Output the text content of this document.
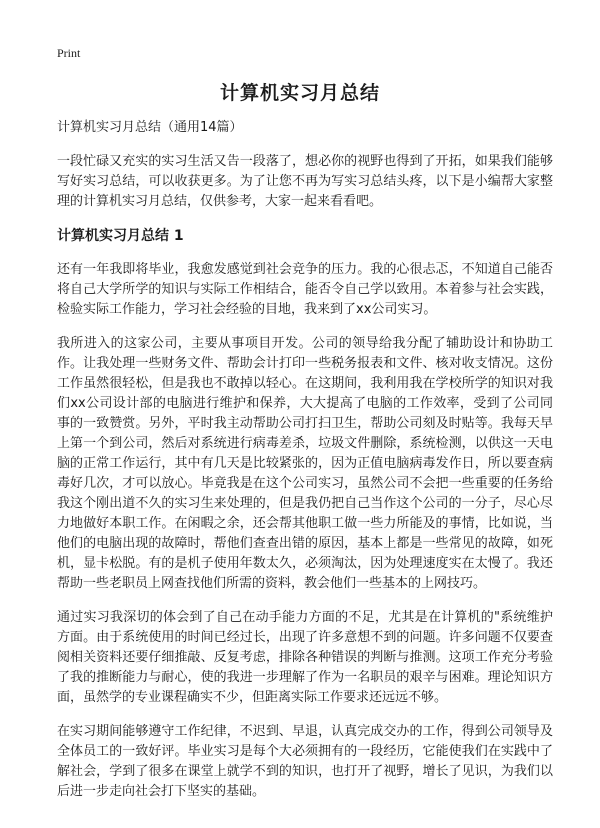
Print
计算机实习月总结

计算机实习月总结（通用14篇）

一段忙碌又充实的实习生活又告一段落了，想必你的视野也得到了开拓，如果我们能够写好实习总结，可以收获更多。为了让您不再为写实习总结头疼，以下是小编帮大家整理的计算机实习月总结，仅供参考，大家一起来看看吧。

计算机实习月总结 1

还有一年我即将毕业，我愈发感觉到社会竞争的压力。我的心很忐忑，不知道自己能否将自己大学所学的知识与实际工作相结合，能否令自己学以致用。本着参与社会实践，检验实际工作能力，学习社会经验的目地，我来到了xx公司实习。

我所进入的这家公司，主要从事项目开发。公司的领导给我分配了辅助设计和协助工作。让我处理一些财务文件、帮助会计打印一些税务报表和文件、核对收支情况。这份工作虽然很轻松，但是我也不敢掉以轻心。在这期间，我利用我在学校所学的知识对我们xx公司设计部的电脑进行维护和保养，大大提高了电脑的工作效率，受到了公司同事的一致赞赏。另外，平时我主动帮助公司打扫卫生，帮助公司刻及时贴等。我每天早上第一个到公司，然后对系统进行病毒差杀，垃圾文件删除，系统检测，以供这一天电脑的正常工作运行，其中有几天是比较紧张的，因为正值电脑病毒发作日，所以要查病毒好几次，才可以放心。毕竟我是在这个公司实习，虽然公司不会把一些重要的任务给我这个刚出道不久的实习生来处理的，但是我仍把自己当作这个公司的一分子，尽心尽力地做好本职工作。在闲暇之余，还会帮其他职工做一些力所能及的事情，比如说，当他们的电脑出现的故障时，帮他们查查出错的原因，基本上都是一些常见的故障，如死机，显卡松脱。有的是机子使用年数太久，必须淘汰，因为处理速度实在太慢了。我还帮助一些老职员上网查找他们所需的资料，教会他们一些基本的上网技巧。

通过实习我深切的体会到了自己在动手能力方面的不足，尤其是在计算机的"系统维护方面。由于系统使用的时间已经过长，出现了许多意想不到的问题。许多问题不仅要查阅相关资料还要仔细推敲、反复考虑，排除各种错误的判断与推测。这项工作充分考验了我的推断能力与耐心，使的我进一步理解了作为一名职员的艰辛与困难。理论知识方面，虽然学的专业课程确实不少，但距离实际工作要求还远远不够。

在实习期间能够遵守工作纪律，不迟到、早退，认真完成交办的工作，得到公司领导及全体员工的一致好评。毕业实习是每个大必须拥有的一段经历，它能使我们在实践中了解社会，学到了很多在课堂上就学不到的知识，也打开了视野，增长了见识，为我们以后进一步走向社会打下坚实的基础。
